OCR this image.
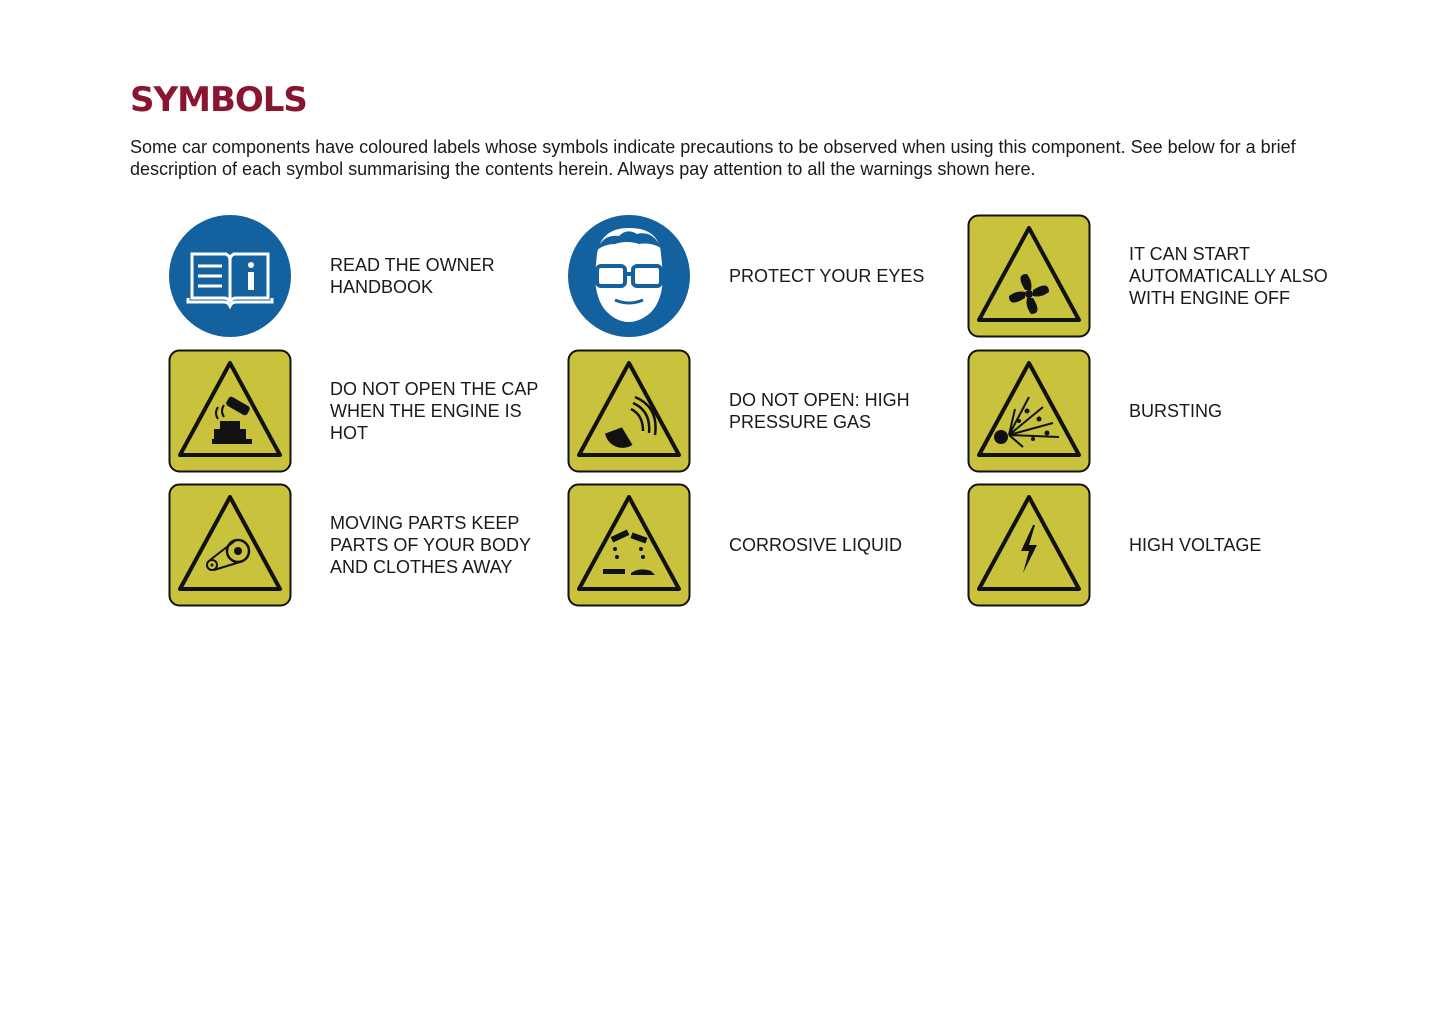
SYMBOLS

Some car components have coloured labels whose symbols indicate precautions to be observed when using this component. See below for a brief description of each symbol summarising the contents herein. Always pay attention to all the warnings shown here.

READ THE OWNER
HANDBOOK
PROTECT YOUR EYES
IT CAN START
AUTOMATICALLY ALSO
WITH ENGINE OFF
DO NOT OPEN THE CAP
WHEN THE ENGINE IS
HOT
DO NOT OPEN: HIGH
PRESSURE GAS
BURSTING
MOVING PARTS KEEP
PARTS OF YOUR BODY
AND CLOTHES AWAY
CORROSIVE LIQUID	HIGH VOLTAGE
